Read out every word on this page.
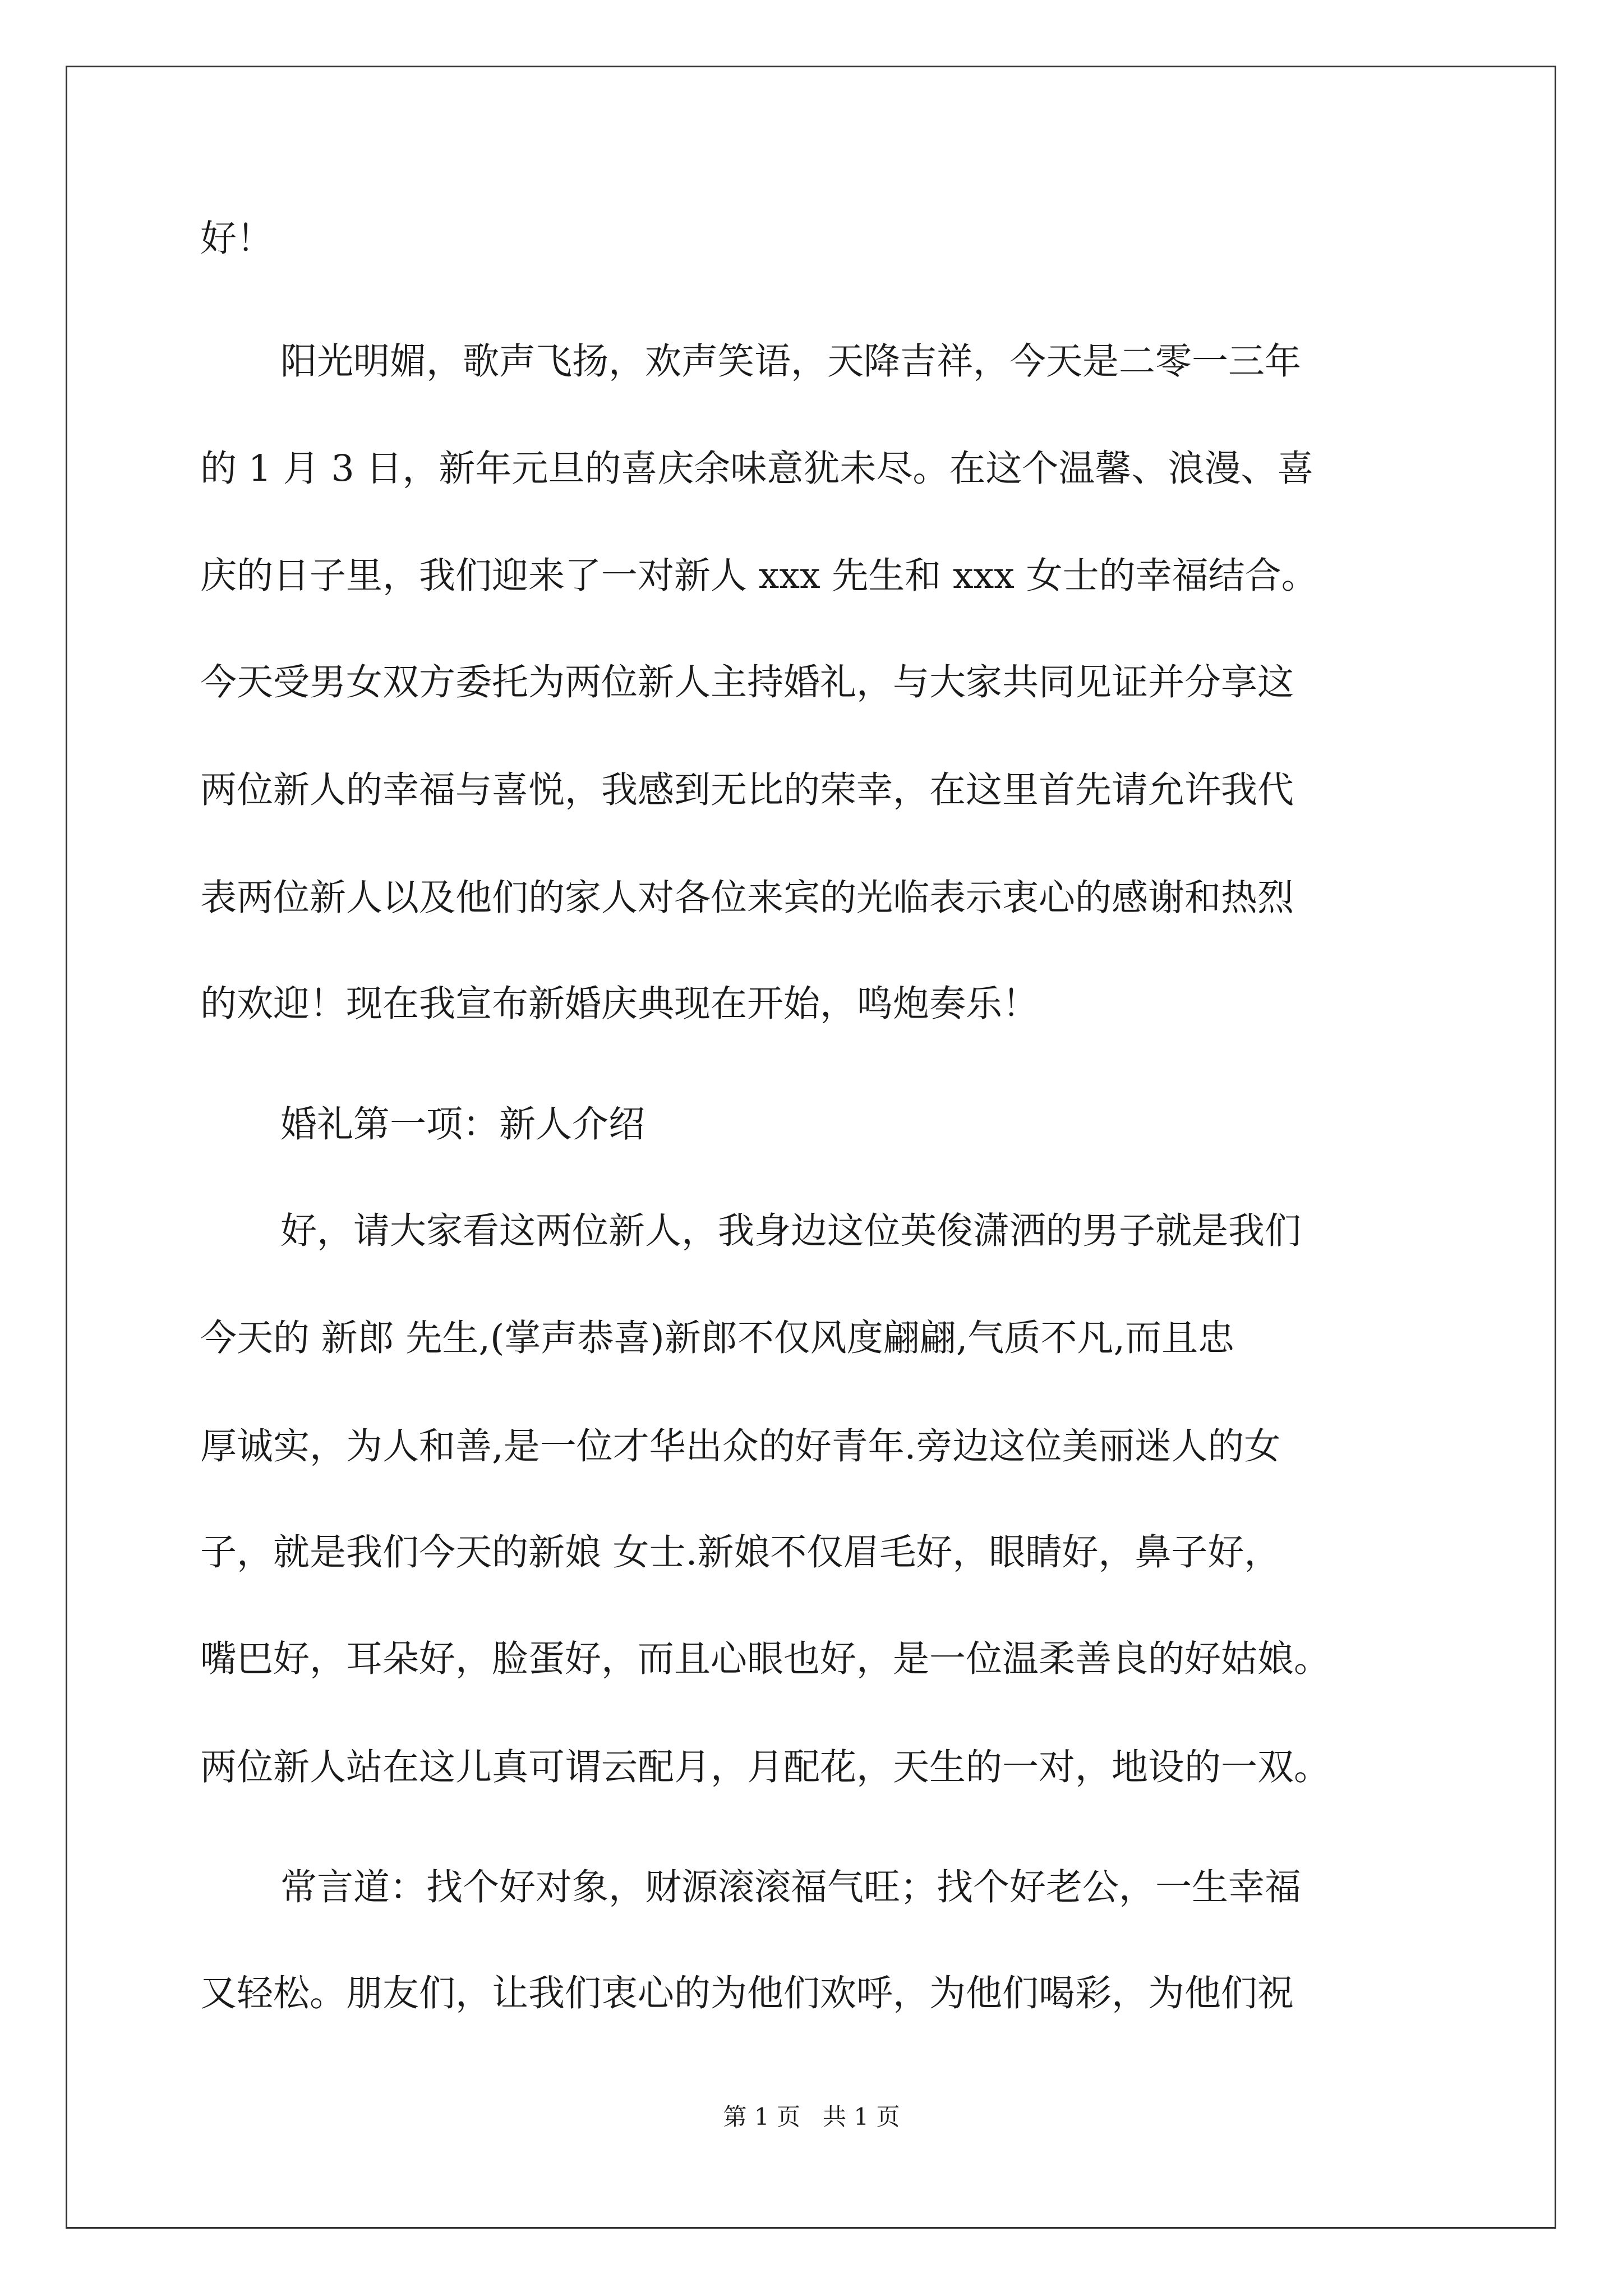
好！

阳光明媚，歌声飞扬，欢声笑语，天降吉祥，今天是二零一三年

的 1 月 3 日，新年元旦的喜庆余味意犹未尽。在这个温馨、浪漫、喜

庆的日子里，我们迎来了一对新人 xxx 先生和 xxx 女士的幸福结合。

今天受男女双方委托为两位新人主持婚礼，与大家共同见证并分享这

两位新人的幸福与喜悦，我感到无比的荣幸，在这里首先请允许我代

表两位新人以及他们的家人对各位来宾的光临表示衷心的感谢和热烈

的欢迎！现在我宣布新婚庆典现在开始，鸣炮奏乐！

婚礼第一项：新人介绍

好，请大家看这两位新人，我身边这位英俊潇洒的男子就是我们

今天的 新郎 先生,(掌声恭喜)新郎不仅风度翩翩,气质不凡,而且忠

厚诚实，为人和善,是一位才华出众的好青年.旁边这位美丽迷人的女

子，就是我们今天的新娘 女士.新娘不仅眉毛好，眼睛好，鼻子好，

嘴巴好，耳朵好，脸蛋好，而且心眼也好，是一位温柔善良的好姑娘。

两位新人站在这儿真可谓云配月，月配花，天生的一对，地设的一双。

常言道：找个好对象，财源滚滚福气旺；找个好老公，一生幸福

又轻松。朋友们，让我们衷心的为他们欢呼，为他们喝彩，为他们祝

第 1 页   共 1 页
